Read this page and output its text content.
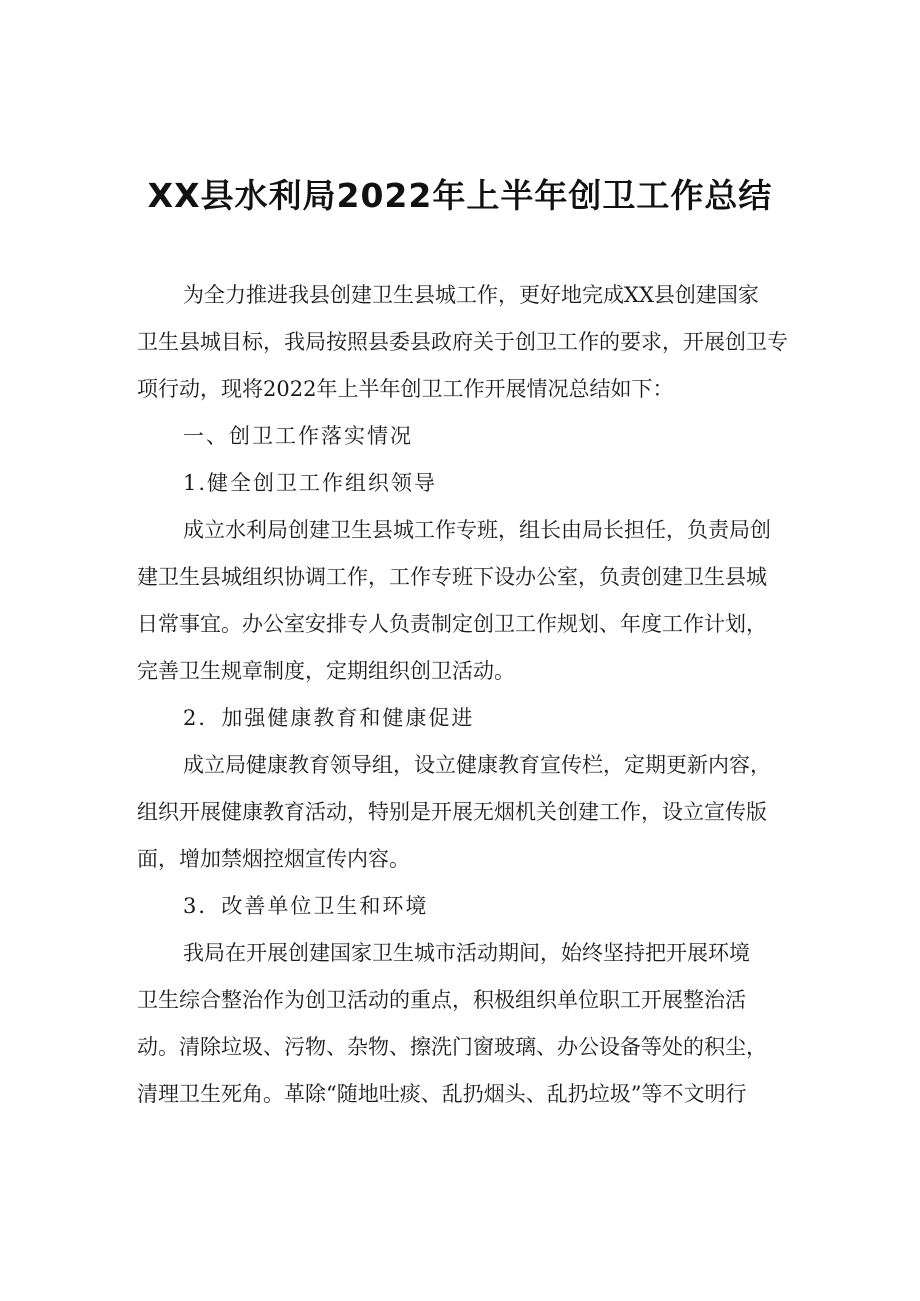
XX县水利局2022年上半年创卫工作总结
为全力推进我县创建卫生县城工作，更好地完成XX县创建国家
卫生县城目标，我局按照县委县政府关于创卫工作的要求，开展创卫专
项行动，现将2022年上半年创卫工作开展情况总结如下：
一、创卫工作落实情况
1.健全创卫工作组织领导
成立水利局创建卫生县城工作专班，组长由局长担任，负责局创
建卫生县城组织协调工作，工作专班下设办公室，负责创建卫生县城
日常事宜。办公室安排专人负责制定创卫工作规划、年度工作计划，
完善卫生规章制度，定期组织创卫活动。
2．加强健康教育和健康促进
成立局健康教育领导组，设立健康教育宣传栏，定期更新内容，
组织开展健康教育活动，特别是开展无烟机关创建工作，设立宣传版
面，增加禁烟控烟宣传内容。
3．改善单位卫生和环境
我局在开展创建国家卫生城市活动期间，始终坚持把开展环境
卫生综合整治作为创卫活动的重点，积极组织单位职工开展整治活
动。清除垃圾、污物、杂物、擦洗门窗玻璃、办公设备等处的积尘，
清理卫生死角。革除“随地吐痰、乱扔烟头、乱扔垃圾”等不文明行
